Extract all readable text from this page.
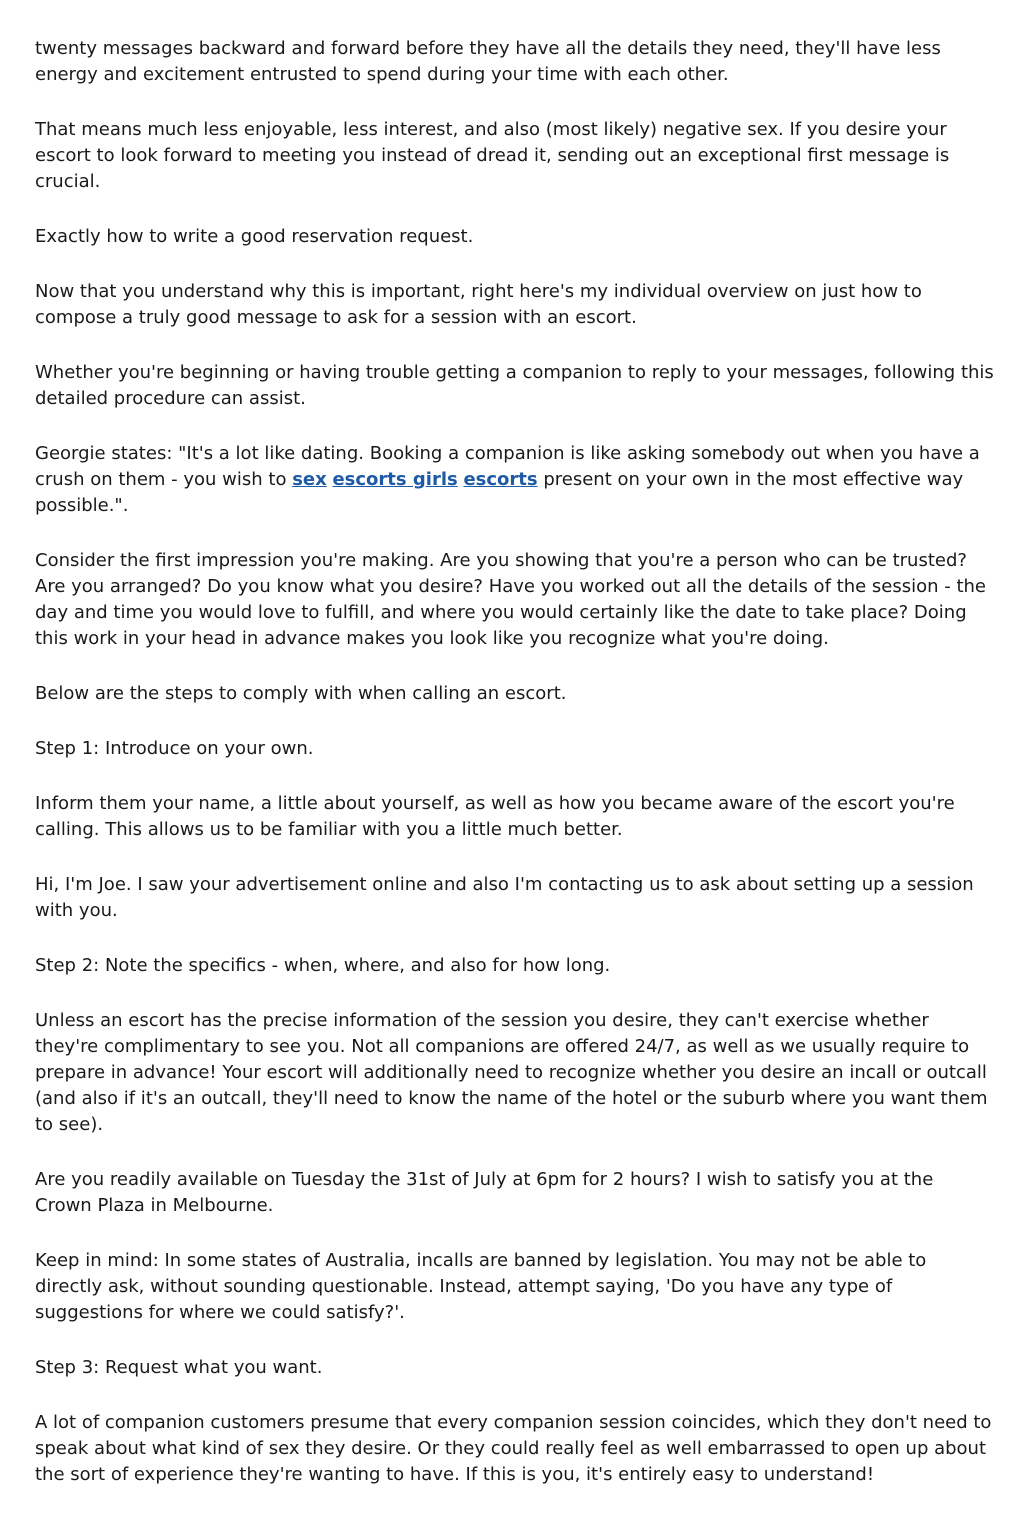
twenty messages backward and forward before they have all the details they need, they'll have less energy and excitement entrusted to spend during your time with each other.

That means much less enjoyable, less interest, and also (most likely) negative sex. If you desire your escort to look forward to meeting you instead of dread it, sending out an exceptional first message is crucial.

Exactly how to write a good reservation request.

Now that you understand why this is important, right here's my individual overview on just how to compose a truly good message to ask for a session with an escort.

Whether you're beginning or having trouble getting a companion to reply to your messages, following this detailed procedure can assist.

Georgie states: "It's a lot like dating. Booking a companion is like asking somebody out when you have a crush on them - you wish to sex escorts girls escorts present on your own in the most effective way possible.".

Consider the first impression you're making. Are you showing that you're a person who can be trusted? Are you arranged? Do you know what you desire? Have you worked out all the details of the session - the day and time you would love to fulfill, and where you would certainly like the date to take place? Doing this work in your head in advance makes you look like you recognize what you're doing.

Below are the steps to comply with when calling an escort.

Step 1: Introduce on your own.

Inform them your name, a little about yourself, as well as how you became aware of the escort you're calling. This allows us to be familiar with you a little much better.

Hi, I'm Joe. I saw your advertisement online and also I'm contacting us to ask about setting up a session with you.

Step 2: Note the specifics - when, where, and also for how long.

Unless an escort has the precise information of the session you desire, they can't exercise whether they're complimentary to see you. Not all companions are offered 24/7, as well as we usually require to prepare in advance! Your escort will additionally need to recognize whether you desire an incall or outcall (and also if it's an outcall, they'll need to know the name of the hotel or the suburb where you want them to see).

Are you readily available on Tuesday the 31st of July at 6pm for 2 hours? I wish to satisfy you at the Crown Plaza in Melbourne.

Keep in mind: In some states of Australia, incalls are banned by legislation. You may not be able to directly ask, without sounding questionable. Instead, attempt saying, 'Do you have any type of suggestions for where we could satisfy?'.

Step 3: Request what you want.

A lot of companion customers presume that every companion session coincides, which they don't need to speak about what kind of sex they desire. Or they could really feel as well embarrassed to open up about the sort of experience they're wanting to have. If this is you, it's entirely easy to understand!
